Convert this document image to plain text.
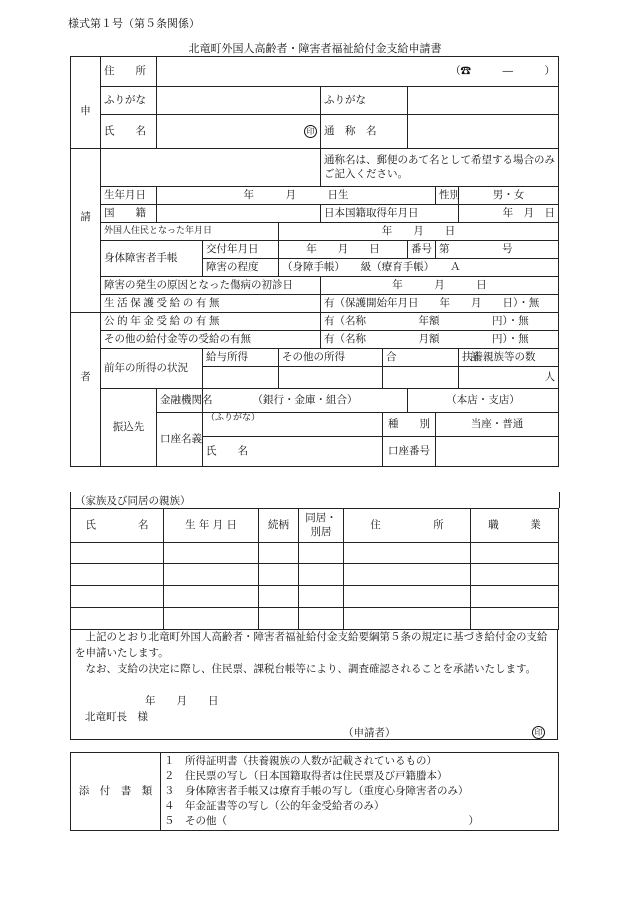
様式第１号（第５条関係）
北竜町外国人高齢者・障害者福祉給付金支給申請書
申	住　　所	（☎　　　―　　　）							
	ふりがな				ふりがな				
	氏　　名	印			通　称　名				
請					通称名は、郵便のあて名として希望する場合のみご記入ください。				
	生年月日	年　　　月　　　日生						性別	男・女
	国　　籍				日本国籍取得年月日				年　月　日
	外国人住民となった年月日			年　　月　　日					
	身体障害者手帳		交付年月日	年　　月　　日			番号	第　　　　　号	
			障害の程度	（身障手帳）　　級（療育手帳）　　Ａ					
	障害の発生の原因となった傷病の初診日				年　　　月　　　日				
	生活保護受給の有無				有（保護開始年月日　　年　　月　　日）・無				
者	公的年金受給の有無				有（名称　　　　　年額　　　　　円）・無				
	その他の給付金等の受給の有無				有（名称　　　　　月額　　　　　円）・無				
	前年の所得の状況		給与所得	その他の所得		合　　　　　　　計			扶養親族等の数
									人
	振込先	金融機関名	（銀行・金庫・組合）				（本店・支店）		
		口座名義	（ふりがな）			種　　別		当座・普通	
			氏　　名			口座番号			
（家族及び同居の親族）
氏　　　　名	生 年 月 日	続柄	同居・別居	住　　　　　所	職　　　業

上記のとおり北竜町外国人高齢者・障害者福祉給付金支給要綱第５条の規定に基づき給付金の支給を申請いたします。
なお、支給の決定に際し、住民票、課税台帳等により、調査確認されることを承諾いたします。
年　　月　　日
北竜町長　様
（申請者）	印
添　付　書　類	
１　所得証明書（扶養親族の人数が記載されているもの）
２　住民票の写し（日本国籍取得者は住民票及び戸籍謄本）
３　身体障害者手帳又は療育手帳の写し（重度心身障害者のみ）
４　年金証書等の写し（公的年金受給者のみ）
５　その他（　　　　　　　　　　　　　　　　　　　　　　　）
